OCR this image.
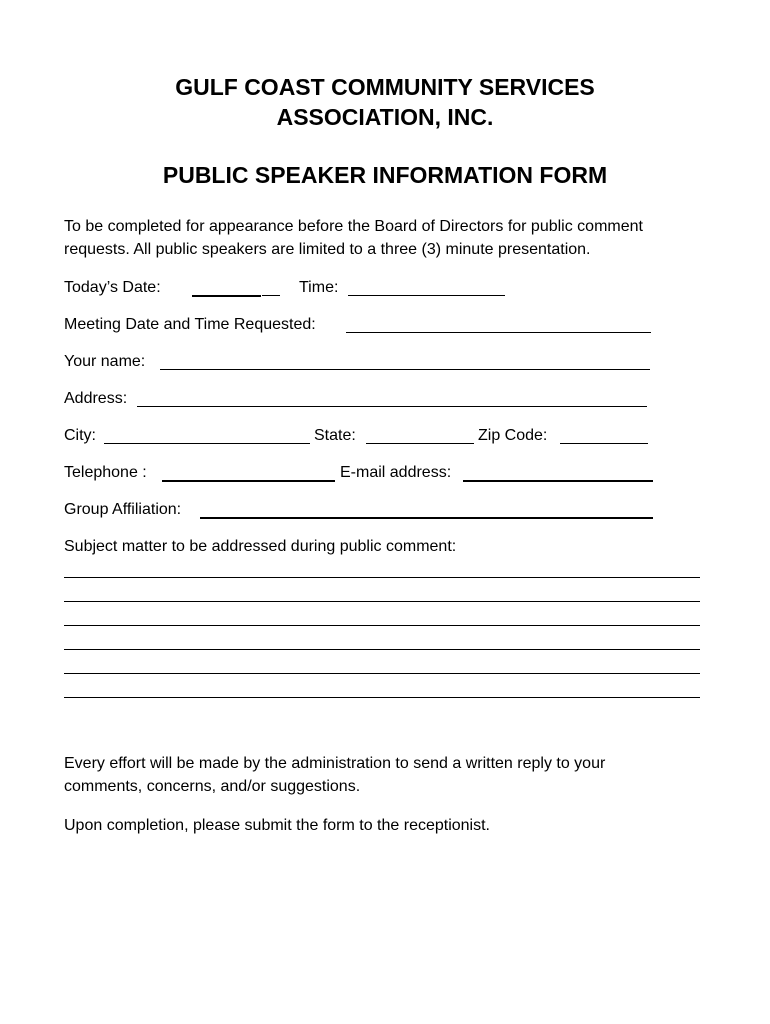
GULF COAST COMMUNITY SERVICES
ASSOCIATION, INC.
PUBLIC SPEAKER INFORMATION FORM
To be completed for appearance before the Board of Directors for public comment
requests. All public speakers are limited to a three (3) minute presentation.
Today’s Date:	Time:
Meeting Date and Time Requested:
Your name:
Address:
City:	State:	Zip Code:
Telephone :	E-mail address:
Group Affiliation:
Subject matter to be addressed during public comment:
Every effort will be made by the administration to send a written reply to your
comments, concerns, and/or suggestions.
Upon completion, please submit the form to the receptionist.
